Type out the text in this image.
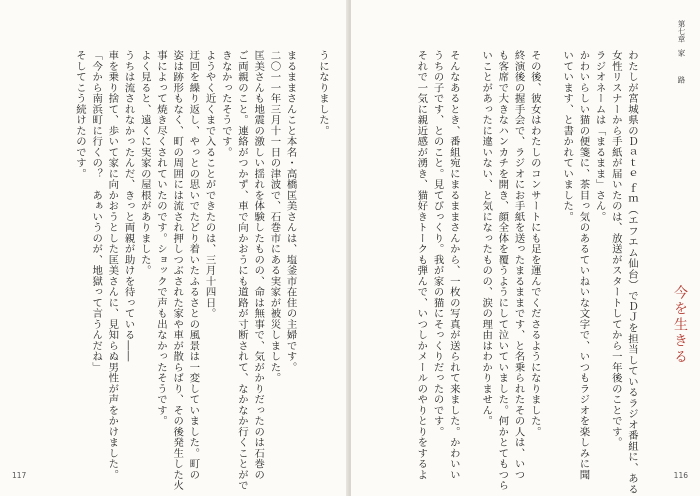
うになりました。

まるままさんこと本名・高橋匡美さんは、塩釜市在住の主婦です。

二〇一一年三月十一日の津波で、石巻市にある実家が被災しました。

匡美さんも地震の激しい揺れを体験したものの、命は無事で、気がかりだったのは石巻の

ご両親のこと。連絡がつかず、車で向かおうにも道路が寸断されて、なかなか行くことがで

きなかったそうです。

ようやく近くまで入ることができたのは、三月十四日。

迂回を繰り返し、やっとの思いでたどり着いたふるさとの風景は一変していました。町の

姿は跡形もなく、町の周囲には流され押しつぶされた家や車が散らばり、その後発生した火

事によって焼き尽くされていたのです。ショックで声も出なかったそうです。

よく見ると、遠くに実家の屋根がありました。

うちは流されなかったんだ、きっと両親が助けを待っている――

車を乗り捨て、歩いて家に向かおうとした匡美さんに、見知らぬ男性が声をかけました。

「今から南浜町に行くの？　あぁいうのが、地獄って言うんだね」

そしてこう続けたのです。

117
第七章
家　路

わたしが宮城県のＤａｔｅ ｆｍ（エフエム仙台）でＤＪを担当しているラジオ番組に、ある

女性リスナーから手紙が届いたのは、放送がスタートしてから一年後のことです。

ラジオネームは「まるまま」さん。

かわいらしい猫の便箋に、茶目っ気のあるていねいな文字で、いつもラジオを楽しみに聞

いています、と書かれていました。

その後、彼女はわたしのコンサートにも足を運んでくださるようになりました。

終演後の握手会で、ラジオにお手紙を送ったまるままです、と名乗られたその人は、いつ

も客席で大きなハンカチを開き、顔全体を覆うようにして泣いていました。何かとてもつら

いことがあったに違いない、と気になったものの、涙の理由はわかりません。

そんなあるとき、番組宛にまるままさんから、一枚の写真が送られて来ました。かわいい

うちの子です、とのこと。見てびっくり。我が家の猫にそっくりだったのです。

それで一気に親近感が湧き、猫好きトークも弾んで、いつしかメールのやりとりをするよ	今を生きる
116
